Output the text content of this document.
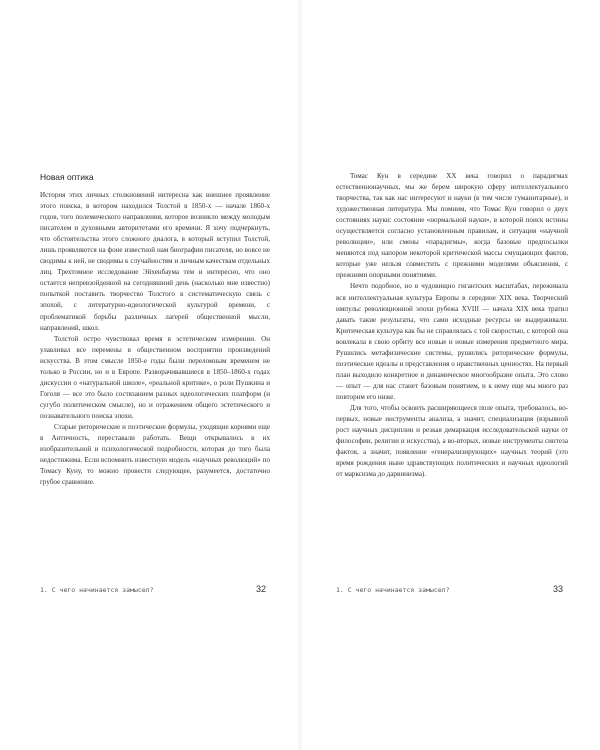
Новая оптика

История этих личных столкновений интересна как внешнее проявление этого поиска, в котором находился Толстой в 1850-х — начале 1860-х годов, того полемического направления, которое возникло между молодым писателем и духовными авторитетами его времени. Я хочу подчеркнуть, что обстоятельства этого сложного диалога, в который вступил Толстой, лишь проявляются на фоне известной нам биографии писателя, но вовсе не сводимы к ней, не сводимы к случайностям и личным качествам отдельных лиц. Трехтомное исследование Эйхенбаума тем и интересно, что оно остается непревзойденной на сегодняшний день (насколько мне известно) попыткой поставить творчество Толстого в систематическую связь с эпохой, с литературно-идеологической культурой времени, с проблематикой борьбы различных лагерей общественной мысли, направлений, школ.

Толстой остро чувствовал время в эстетическом измерении. Он улавливал все перемены в общественном восприятии произведений искусства. В этом смысле 1850-е годы были переломным временем не только в России, но и в Европе. Разворачивавшиеся в 1850–1860-х годах дискуссии о «натуральной школе», «реальной критике», о роли Пушкина и Гоголя — все это было состязанием разных идеологических платформ (и сугубо политическом смысле), но и отражением общего эстетического и познавательного поиска эпохи.

Старые риторические и поэтические формулы, уходящие корнями еще в Античность, переставали работать. Вещи открывались в их изобразительной и психологической подробности, которая до того была недостижима. Если вспомнить известную модель «научных революций» по Томасу Куну, то можно провести следующее, разумеется, достаточно грубое сравнение.

1. С чего начинается замысел?	32

Томас Кун в середине XX века говорил о парадигмах естественнонаучных, мы же берем широкую сферу интеллектуального творчества, так как нас интересуют и науки (в том числе гуманитарные), и художественная литература. Мы помним, что Томас Кун говорил о двух состояниях науки: состояние «нормальной науки», в которой поиск истины осуществляется согласно установленным правилам, и ситуация «научной революции», или смены «парадигмы», когда базовые предпосылки меняются под напором некоторой критической массы смущающих фактов, которые уже нельзя совместить с прежними моделями объяснения, с прежними опорными понятиями.

Нечто подобное, но в чудовищно гигантских масштабах, переживала вся интеллектуальная культура Европы в середине XIX века. Творческий импульс революционной эпохи рубежа XVIII — начала XIX века тратил давать такие результаты, что сами исходные ресурсы не выдерживали. Критическая культура как бы не справлялась с той скоростью, с которой она вовлекала в свою орбиту все новые и новые измерения предметного мира. Рушились метафизические системы, рушились риторические формулы, поэтические идеалы и представления о нравственных ценностях. На первый план выходило конкретное и динамическое многообразие опыта. Это слово — опыт — для нас станет базовым понятием, и к нему еще мы много раз повторим его ниже.

Для того, чтобы освоить расширяющееся поле опыта, требовалось, во-первых, новые инструменты анализа, а значит, специализация (взрывной рост научных дисциплин и резкая демаркация исследовательской науки от философии, религии и искусства), а во-вторых, новые инструменты синтеза фактов, а значит, появление «генерализирующих» научных теорий (это время рождения ныне здравствующих политических и научных идеологий от марксизма до дарвинизма).

1. С чего начинается замысел?	33
